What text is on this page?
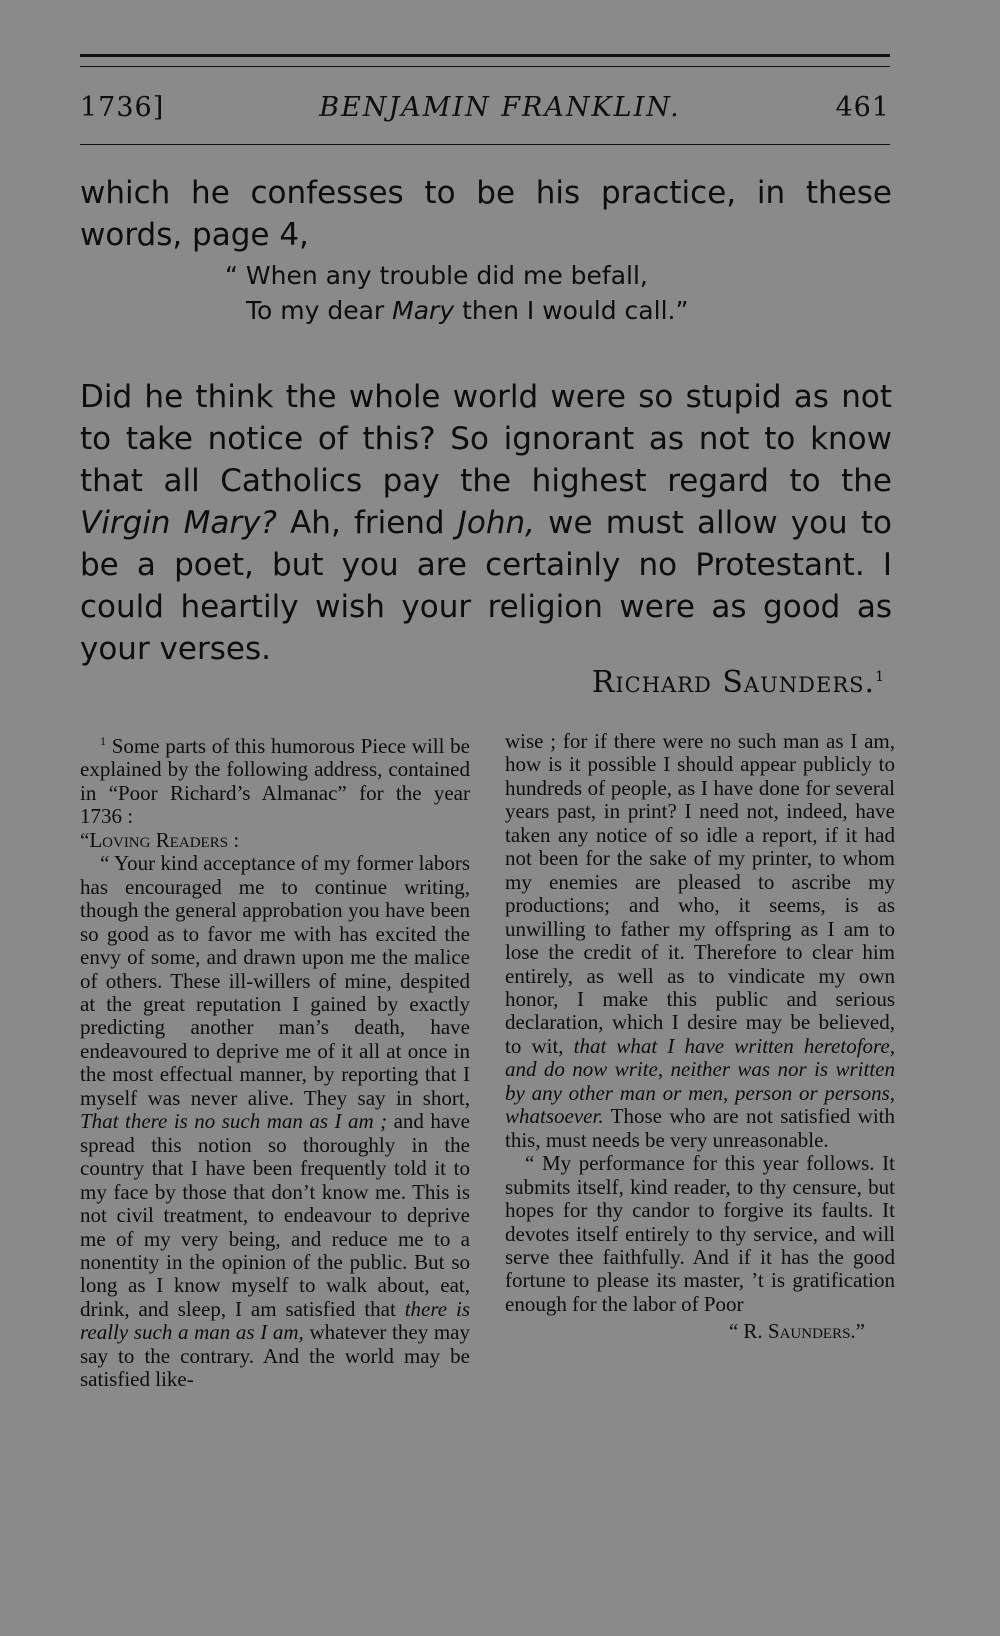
1736]	BENJAMIN FRANKLIN.	461

which he confesses to be his practice, in these words, page 4,

“ When any trouble did me befall,
To my dear Mary then I would call.”

Did he think the whole world were so stupid as not to take notice of this? So ignorant as not to know that all Catholics pay the highest regard to the Virgin Mary? Ah, friend John, we must allow you to be a poet, but you are certainly no Protestant. I could heartily wish your religion were as good as your verses.

Richard Saunders.$^1$

$^1$ Some parts of this humorous Piece will be explained by the following address, contained in “Poor Richard’s Almanac” for the year 1736 :

“Loving Readers :

“ Your kind acceptance of my former labors has encouraged me to continue writing, though the general approbation you have been so good as to favor me with has excited the envy of some, and drawn upon me the malice of others. These ill-willers of mine, despited at the great reputation I gained by exactly predicting another man’s death, have endeavoured to deprive me of it all at once in the most effectual manner, by reporting that I myself was never alive. They say in short, That there is no such man as I am ; and have spread this notion so thoroughly in the country that I have been frequently told it to my face by those that don’t know me. This is not civil treatment, to endeavour to deprive me of my very being, and reduce me to a nonentity in the opinion of the public. But so long as I know myself to walk about, eat, drink, and sleep, I am satisfied that there is really such a man as I am, whatever they may say to the contrary. And the world may be satisfied like-

wise ; for if there were no such man as I am, how is it possible I should appear publicly to hundreds of people, as I have done for several years past, in print? I need not, indeed, have taken any notice of so idle a report, if it had not been for the sake of my printer, to whom my enemies are pleased to ascribe my productions; and who, it seems, is as unwilling to father my offspring as I am to lose the credit of it. Therefore to clear him entirely, as well as to vindicate my own honor, I make this public and serious declaration, which I desire may be believed, to wit, that what I have written heretofore, and do now write, neither was nor is written by any other man or men, person or persons, whatsoever. Those who are not satisfied with this, must needs be very unreasonable.

“ My performance for this year follows. It submits itself, kind reader, to thy censure, but hopes for thy candor to forgive its faults. It devotes itself entirely to thy service, and will serve thee faithfully. And if it has the good fortune to please its master, ’t is gratification enough for the labor of Poor

“ R. Saunders.”
